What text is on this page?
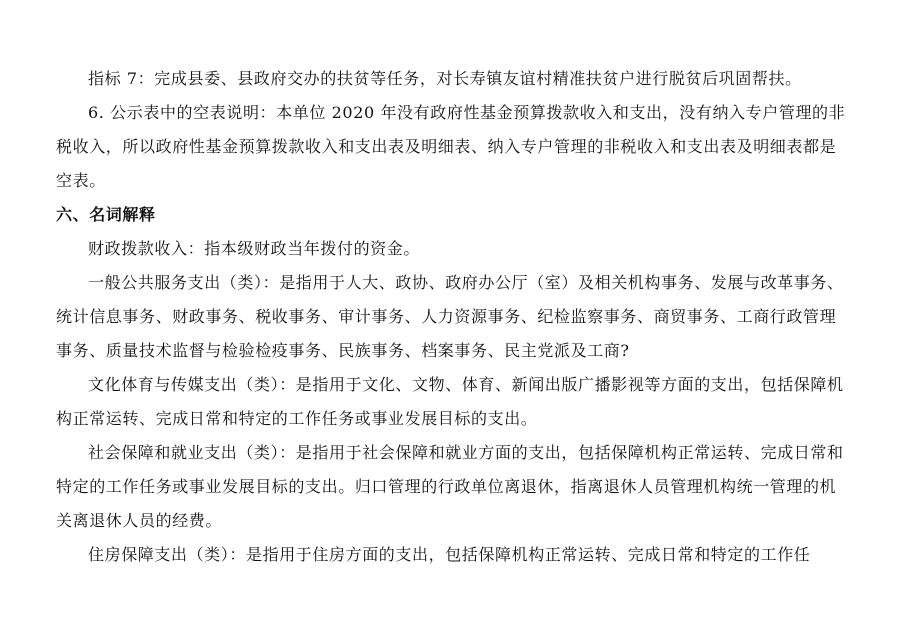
指标 7：完成县委、县政府交办的扶贫等任务，对长寿镇友谊村精准扶贫户进行脱贫后巩固帮扶。

6. 公示表中的空表说明：本单位 2020 年没有政府性基金预算拨款收入和支出，没有纳入专户管理的非税收入，所以政府性基金预算拨款收入和支出表及明细表、纳入专户管理的非税收入和支出表及明细表都是空表。

六、名词解释

财政拨款收入：指本级财政当年拨付的资金。

一般公共服务支出（类）：是指用于人大、政协、政府办公厅（室）及相关机构事务、发展与改革事务、统计信息事务、财政事务、税收事务、审计事务、人力资源事务、纪检监察事务、商贸事务、工商行政管理事务、质量技术监督与检验检疫事务、民族事务、档案事务、民主党派及工商?

文化体育与传媒支出（类）：是指用于文化、文物、体育、新闻出版广播影视等方面的支出，包括保障机构正常运转、完成日常和特定的工作任务或事业发展目标的支出。

社会保障和就业支出（类）：是指用于社会保障和就业方面的支出，包括保障机构正常运转、完成日常和特定的工作任务或事业发展目标的支出。归口管理的行政单位离退休，指离退休人员管理机构统一管理的机关离退休人员的经费。

住房保障支出（类）：是指用于住房方面的支出，包括保障机构正常运转、完成日常和特定的工作任
